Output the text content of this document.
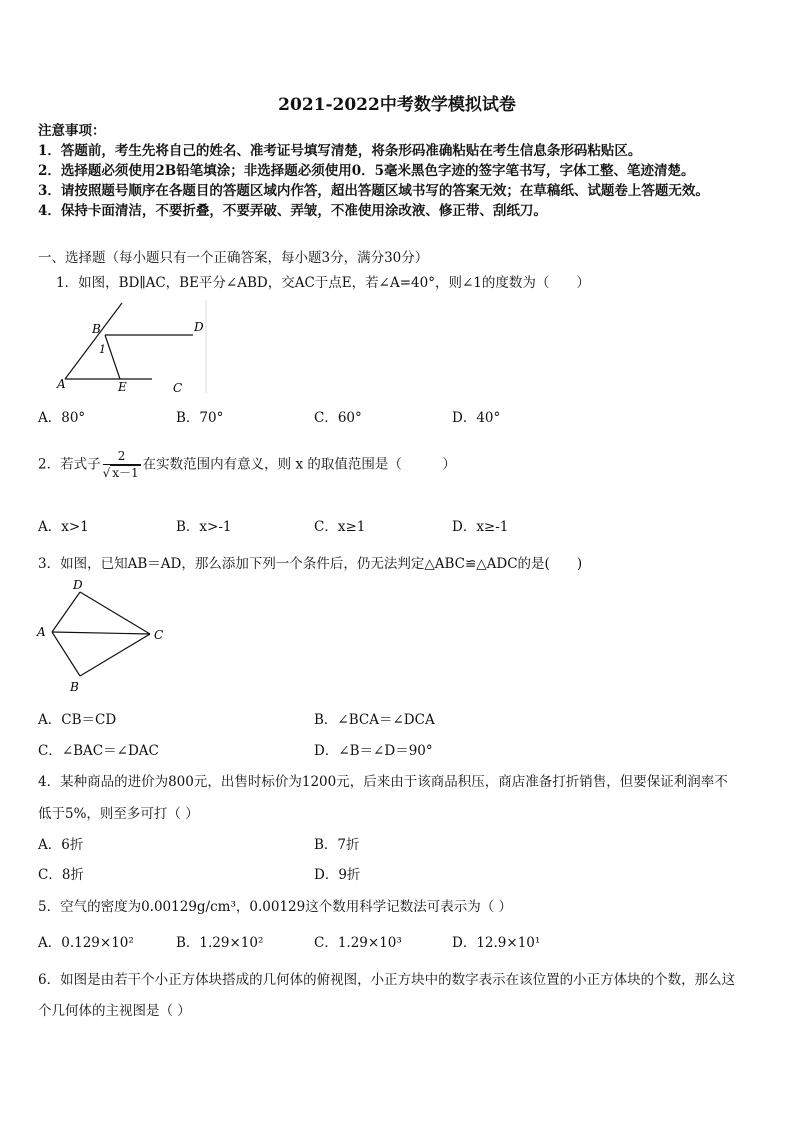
2021-2022中考数学模拟试卷
注意事项：
1．答题前，考生先将自己的姓名、准考证号填写清楚，将条形码准确粘贴在考生信息条形码粘贴区。
2．选择题必须使用2B铅笔填涂；非选择题必须使用0．5毫米黑色字迹的签字笔书写，字体工整、笔迹清楚。
3．请按照题号顺序在各题目的答题区域内作答，超出答题区域书写的答案无效；在草稿纸、试题卷上答题无效。
4．保持卡面清洁，不要折叠，不要弄破、弄皱，不准使用涂改液、修正带、刮纸刀。
一、选择题（每小题只有一个正确答案，每小题3分，满分30分）
1．如图，BD∥AC，BE平分∠ABD，交AC于点E，若∠A=40°，则∠1的度数为（　　）
B	D
1
A	E	C
A．80°	B．70°	C．60°	D．40°
2．若式子 $\frac{2}{√ x-1}$ 在实数范围内有意义，则 x 的取值范围是（　　　）
A．x>1	B．x>-1	C．x≥1	D．x≥-1
3．如图，已知AB＝AD，那么添加下列一个条件后，仍无法判定△ABC≌△ADC的是(　　)
D
A	C
B
A．CB＝CD	B．∠BCA＝∠DCA
C．∠BAC＝∠DAC	D．∠B＝∠D＝90°
4．某种商品的进价为800元，出售时标价为1200元，后来由于该商品积压，商店准备打折销售，但要保证利润率不
低于5%，则至多可打（ ）
A．6折	B．7折
C．8折	D．9折
5．空气的密度为0.00129g/cm³，0.00129这个数用科学记数法可表示为（ ）
A．0.129×10²	B．1.29×10²	C．1.29×10³	D．12.9×10¹
6．如图是由若干个小正方体块搭成的几何体的俯视图，小正方块中的数字表示在该位置的小正方体块的个数，那么这
个几何体的主视图是（ ）
